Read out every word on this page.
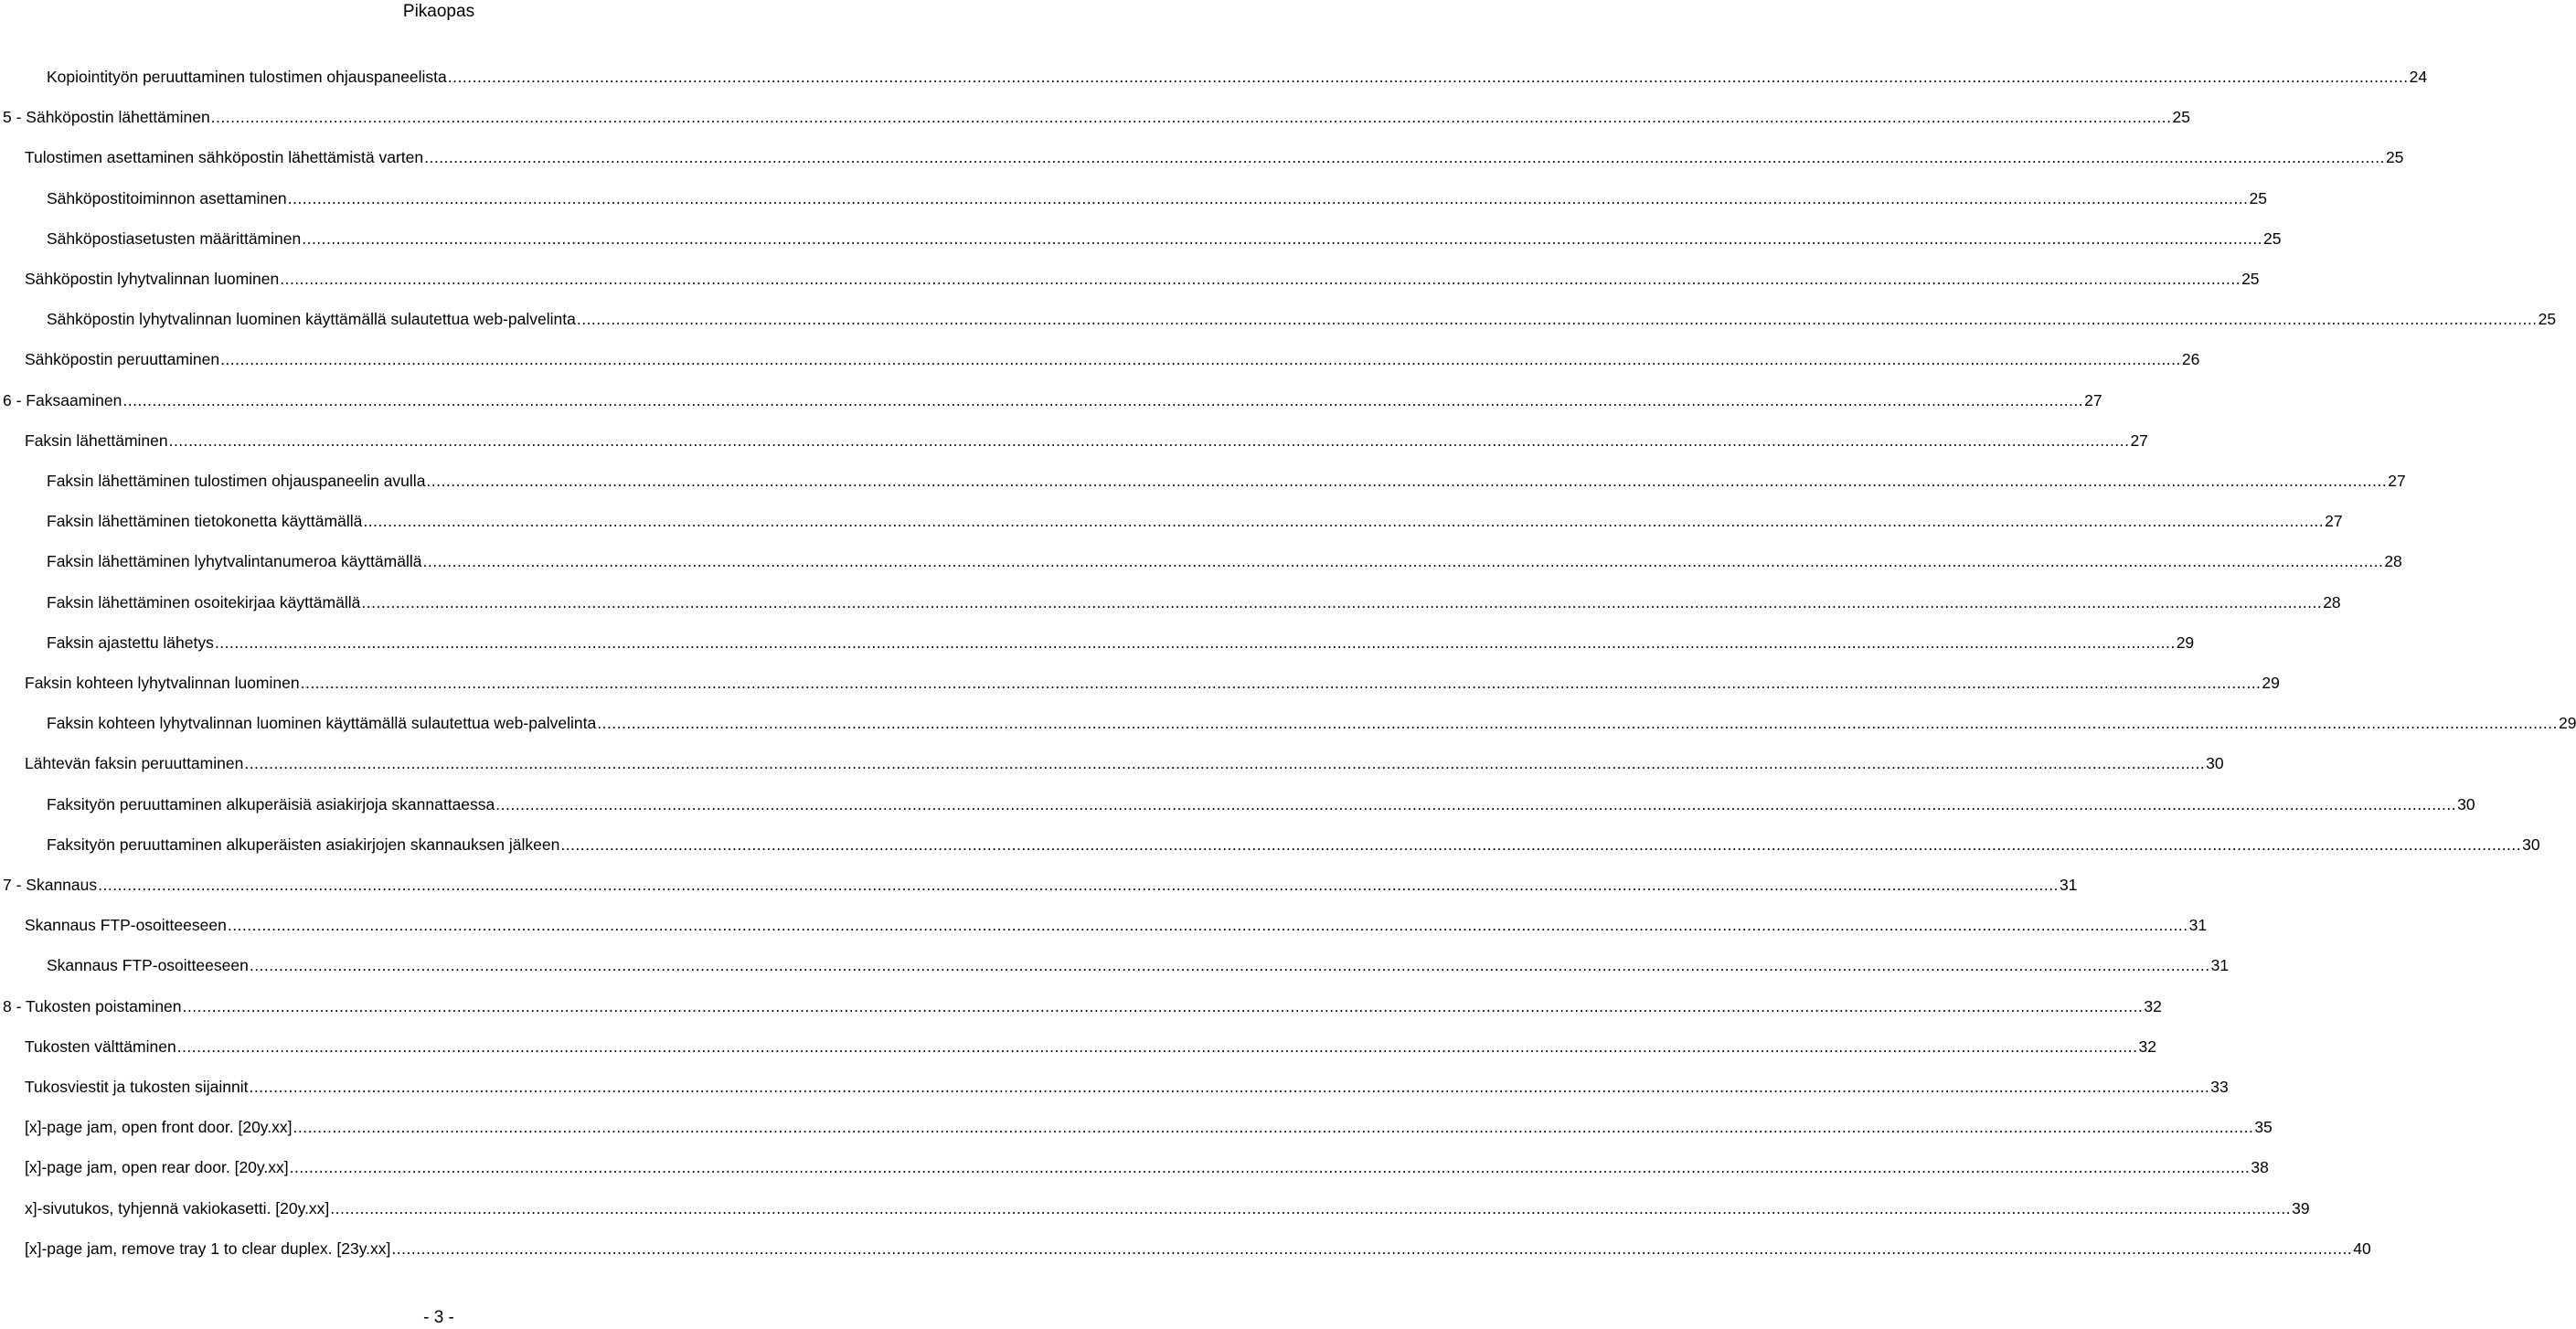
Pikaopas
Kopiointityön peruuttaminen tulostimen ohjauspaneelista ................................................................................................................................................................................................................................................................................................................................................................................................................ 24
5 - Sähköpostin lähettäminen ................................................................................................................................................................................................................................................................................................................................................................................................................ 25
Tulostimen asettaminen sähköpostin lähettämistä varten ................................................................................................................................................................................................................................................................................................................................................................................................................ 25
Sähköpostitoiminnon asettaminen ................................................................................................................................................................................................................................................................................................................................................................................................................ 25
Sähköpostiasetusten määrittäminen ................................................................................................................................................................................................................................................................................................................................................................................................................ 25
Sähköpostin lyhytvalinnan luominen ................................................................................................................................................................................................................................................................................................................................................................................................................ 25
Sähköpostin lyhytvalinnan luominen käyttämällä sulautettua web-palvelinta ................................................................................................................................................................................................................................................................................................................................................................................................................ 25
Sähköpostin peruuttaminen ................................................................................................................................................................................................................................................................................................................................................................................................................ 26
6 - Faksaaminen ................................................................................................................................................................................................................................................................................................................................................................................................................ 27
Faksin lähettäminen ................................................................................................................................................................................................................................................................................................................................................................................................................ 27
Faksin lähettäminen tulostimen ohjauspaneelin avulla ................................................................................................................................................................................................................................................................................................................................................................................................................ 27
Faksin lähettäminen tietokonetta käyttämällä ................................................................................................................................................................................................................................................................................................................................................................................................................ 27
Faksin lähettäminen lyhytvalintanumeroa käyttämällä ................................................................................................................................................................................................................................................................................................................................................................................................................ 28
Faksin lähettäminen osoitekirjaa käyttämällä ................................................................................................................................................................................................................................................................................................................................................................................................................ 28
Faksin ajastettu lähetys ................................................................................................................................................................................................................................................................................................................................................................................................................ 29
Faksin kohteen lyhytvalinnan luominen ................................................................................................................................................................................................................................................................................................................................................................................................................ 29
Faksin kohteen lyhytvalinnan luominen käyttämällä sulautettua web-palvelinta ................................................................................................................................................................................................................................................................................................................................................................................................................ 29
Lähtevän faksin peruuttaminen ................................................................................................................................................................................................................................................................................................................................................................................................................ 30
Faksityön peruuttaminen alkuperäisiä asiakirjoja skannattaessa ................................................................................................................................................................................................................................................................................................................................................................................................................ 30
Faksityön peruuttaminen alkuperäisten asiakirjojen skannauksen jälkeen ................................................................................................................................................................................................................................................................................................................................................................................................................ 30
7 - Skannaus ................................................................................................................................................................................................................................................................................................................................................................................................................ 31
Skannaus FTP-osoitteeseen ................................................................................................................................................................................................................................................................................................................................................................................................................ 31
Skannaus FTP-osoitteeseen ................................................................................................................................................................................................................................................................................................................................................................................................................ 31
8 - Tukosten poistaminen ................................................................................................................................................................................................................................................................................................................................................................................................................ 32
Tukosten välttäminen ................................................................................................................................................................................................................................................................................................................................................................................................................ 32
Tukosviestit ja tukosten sijainnit ................................................................................................................................................................................................................................................................................................................................................................................................................ 33
[x]-page jam, open front door. [20y.xx] ................................................................................................................................................................................................................................................................................................................................................................................................................ 35
[x]-page jam, open rear door. [20y.xx] ................................................................................................................................................................................................................................................................................................................................................................................................................ 38
x]-sivutukos, tyhjennä vakiokasetti. [20y.xx] ................................................................................................................................................................................................................................................................................................................................................................................................................ 39
[x]-page jam, remove tray 1 to clear duplex. [23y.xx] ................................................................................................................................................................................................................................................................................................................................................................................................................ 40
- 3 -
